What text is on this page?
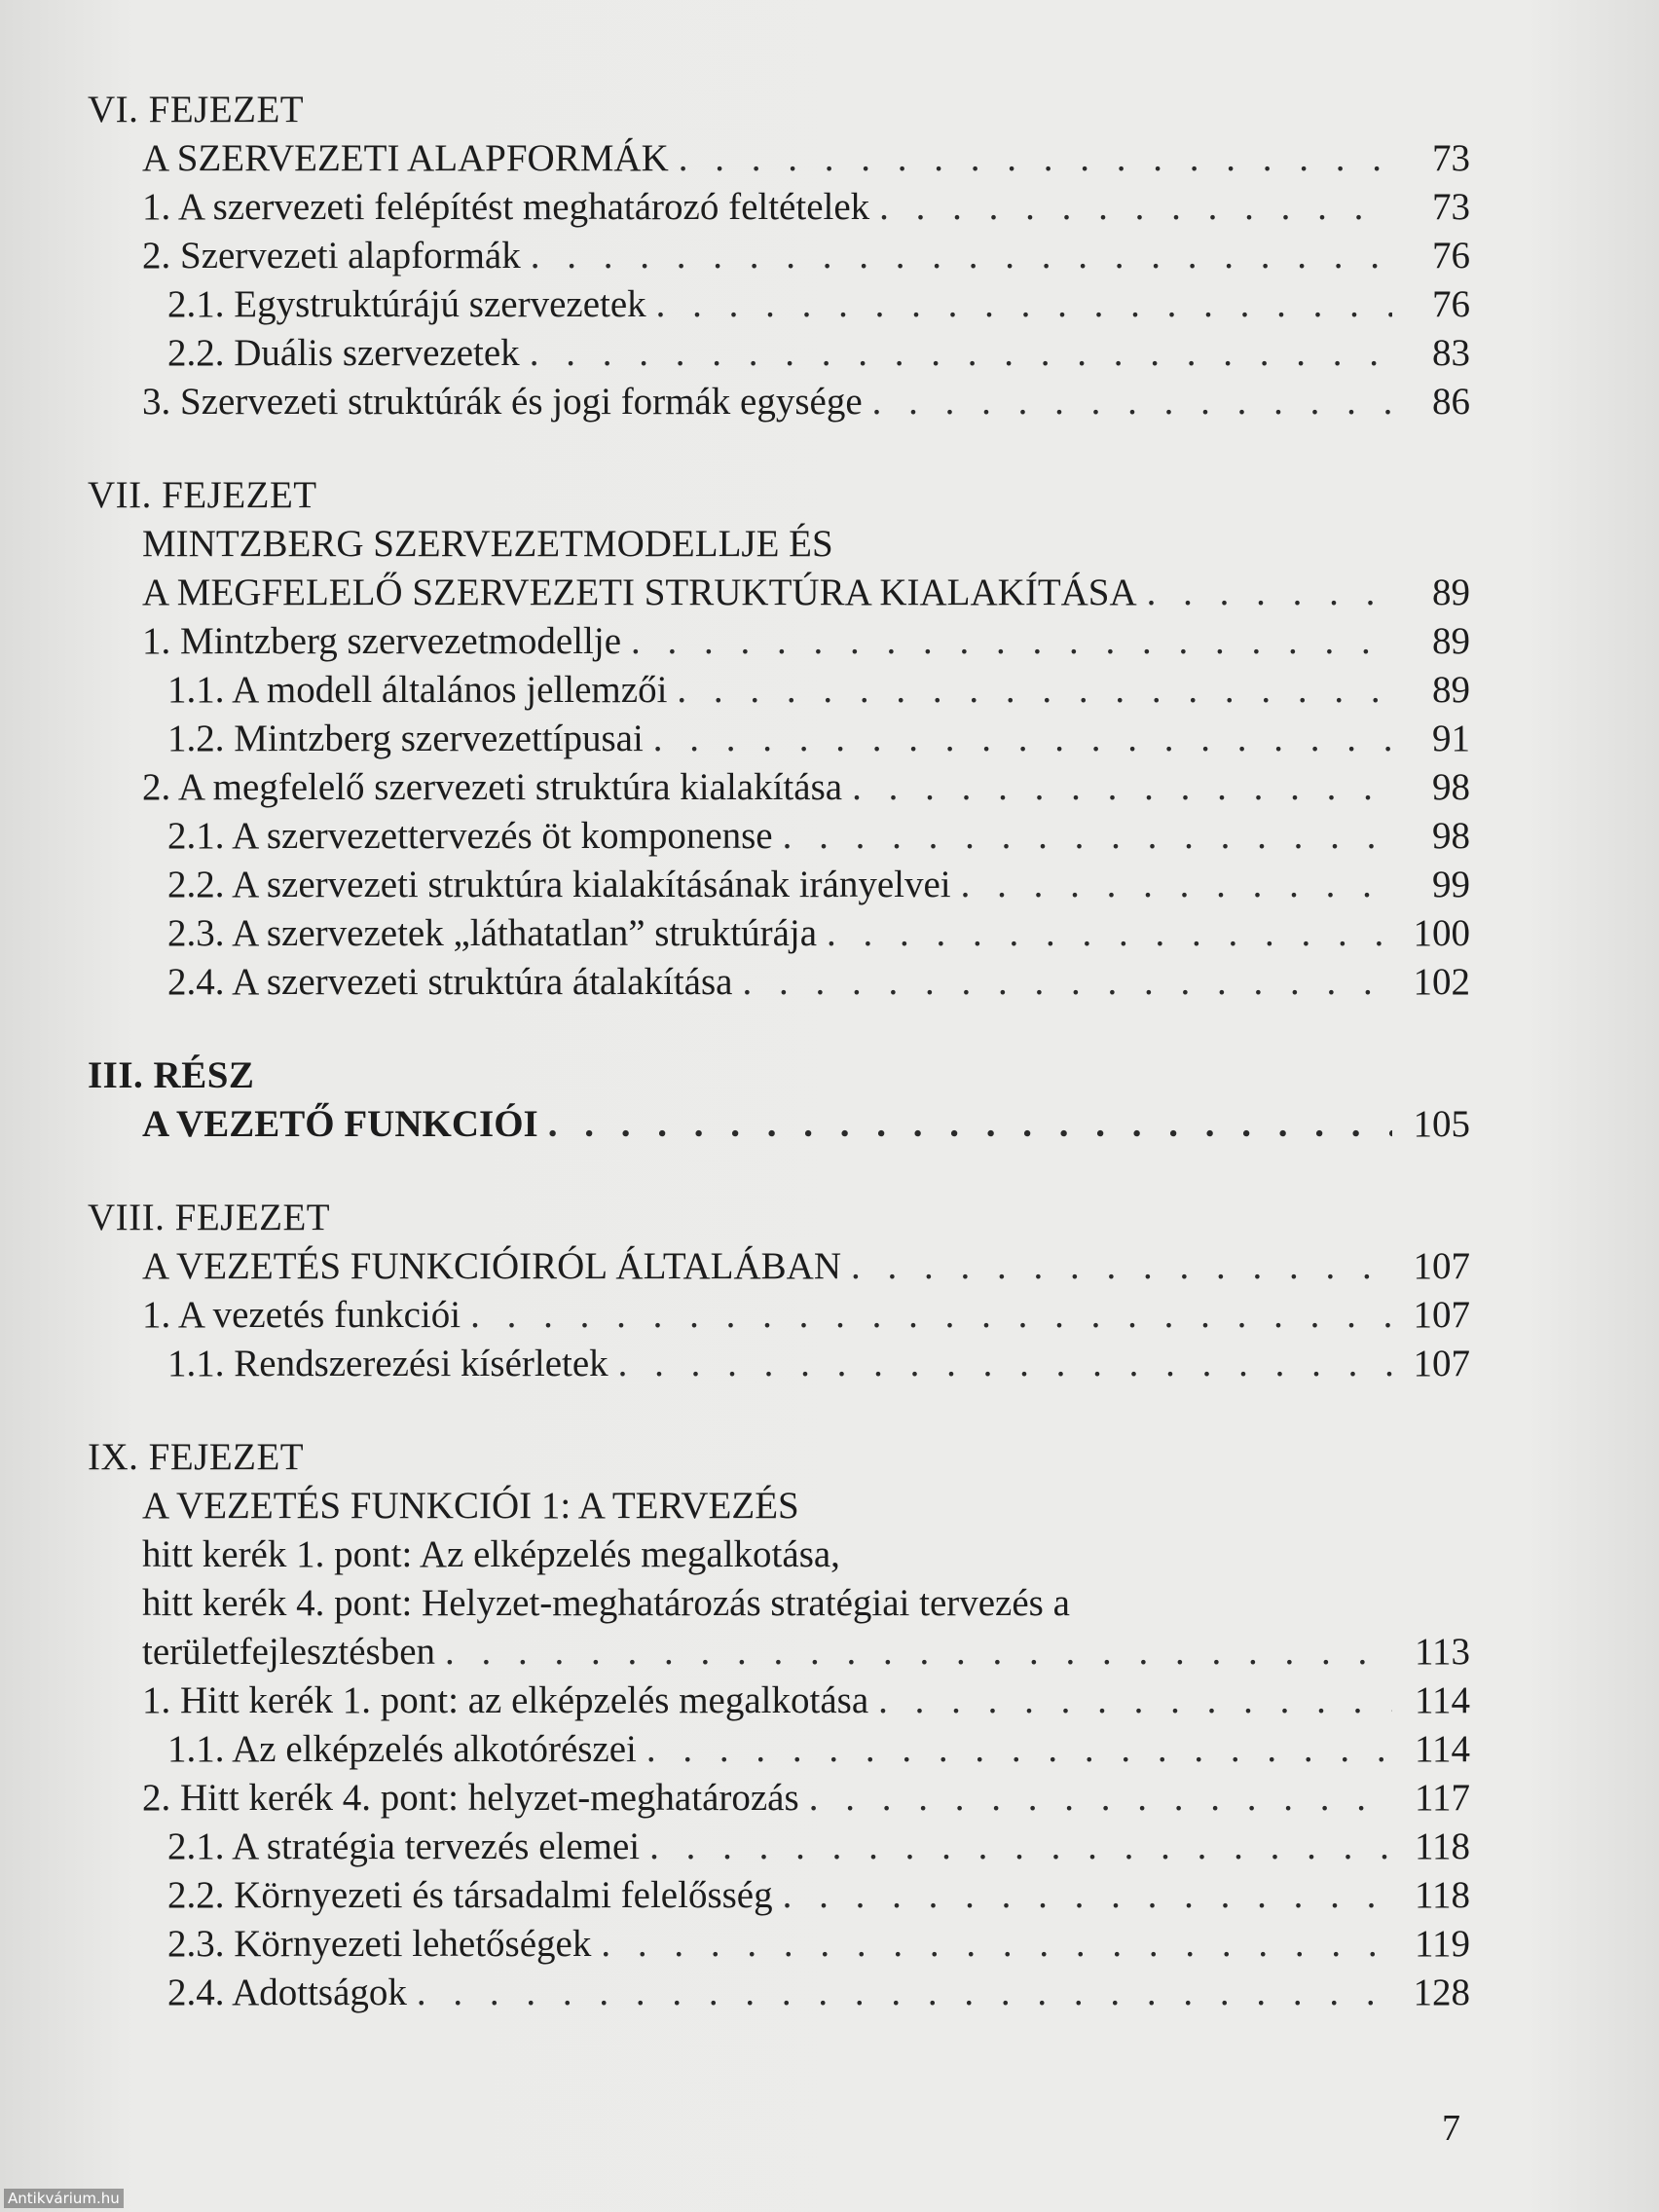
VI. FEJEZET
A SZERVEZETI ALAPFORMÁK . . .	73
1. A szervezeti felépítést meghatározó feltételek . . .	73
2. Szervezeti alapformák . . .	76
2.1. Egystruktúrájú szervezetek . . .	76
2.2. Duális szervezetek . . .	83
3. Szervezeti struktúrák és jogi formák egysége . . .	86
VII. FEJEZET
MINTZBERG SZERVEZETMODELLJE ÉS
A MEGFELELŐ SZERVEZETI STRUKTÚRA KIALAKÍTÁSA . . .	89
1. Mintzberg szervezetmodellje . . .	89
1.1. A modell általános jellemzői . . .	89
1.2. Mintzberg szervezettípusai . . .	91
2. A megfelelő szervezeti struktúra kialakítása . . .	98
2.1. A szervezettervezés öt komponense . . .	98
2.2. A szervezeti struktúra kialakításának irányelvei . . .	99
2.3. A szervezetek „láthatatlan” struktúrája . . .	100
2.4. A szervezeti struktúra átalakítása . . .	102
III. RÉSZ
A VEZETŐ FUNKCIÓI . . .	105
VIII. FEJEZET
A VEZETÉS FUNKCIÓIRÓL ÁLTALÁBAN . . .	107
1. A vezetés funkciói . . .	107
1.1. Rendszerezési kísérletek . . .	107
IX. FEJEZET
A VEZETÉS FUNKCIÓI 1: A TERVEZÉS
hitt kerék 1. pont: Az elképzelés megalkotása,
hitt kerék 4. pont: Helyzet-meghatározás stratégiai tervezés a
területfejlesztésben . . .	113
1. Hitt kerék 1. pont: az elképzelés megalkotása . . .	114
1.1. Az elképzelés alkotórészei . . .	114
2. Hitt kerék 4. pont: helyzet-meghatározás . . .	117
2.1. A stratégia tervezés elemei . . .	118
2.2. Környezeti és társadalmi felelősség . . .	118
2.3. Környezeti lehetőségek . . .	119
2.4. Adottságok . . .	128
7
Antikvárium.hu
